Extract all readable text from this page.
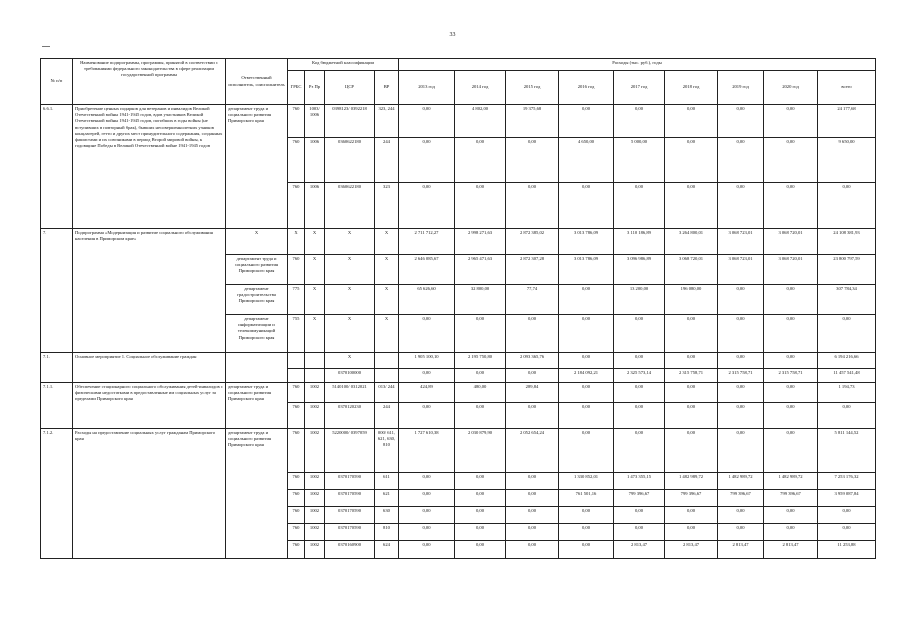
33
№ п/п	Наименование подпрограммы, программы, принятой в соответствии с требованиями федерального законодательства в сфере реализации государственной программы	Ответственный исполнитель, соисполнитель	Код бюджетной классификации				Расходы (тыс. руб.), годы								
			ГРБС	Рз Пр	ЦСР	ВР	2013 год	2014 год	2015 год	2016 год	2017 год	2018 год	2019 год	2020 год	всего
6.6.1.	Приобретение ценных подарков для ветеранов и инвалидов Великой Отечественной войны 1941-1945 годов, вдов участников Великой Отечественной войны 1941-1945 годов, погибших в годы войны (не вступивших в повторный брак), бывших несовершеннолетних узников концлагерей, гетто и других мест принудительного содержания, созданных фашистами и их союзниками в период Второй мировой войны, к годовщине Победы в Великой Отечественной войне 1941-1945 годов	департамент труда и социального развития Приморского края	760	1003/ 1006	0398123/ 0392218	323, 244	0,00	4 802,00	19 375,68	0,00	0,00	0,00	0,00	0,00	24 177,68
			760	1006	0360622180	244	0,00	0,00	0,00	4 650,00	5 000,00	0,00	0,00	0,00	9 650,00
			760	1006	0360622180	323	0,00	0,00	0,00	0,00	0,00	0,00	0,00	0,00	0,00
7.	Подпрограмма «Модернизация и развитие социального обслуживания населения в Приморском крае»	X	X	X	X	X	2 711 712,27	2 998 271,63	2 872 385,02	3 013 786,09	3 110 186,89	3 264 800,01	3 068 723,01	3 068 720,01	24 108 381,93
		департамент труда и социального развития Приморского края	760	X	X	X	2 646 085,67	2 965 471,63	2 872 307,28	3 013 786,09	3 096 986,89	3 068 720,01	3 068 723,01	3 068 720,01	23 800 797,59
		департамент градостроительства Приморского края	775	X	X	X	65 626,60	32 800,00	77,74	0,00	13 200,00	196 080,00	0,00	0,00	307 784,34
		департамент информатизации и телекоммуникаций Приморского края	755	X	X	X	0,00	0,00	0,00	0,00	0,00	0,00	0,00	0,00	0,00
7.1.	Основное мероприятие 1. Социальное обслуживание граждан				X		1 905 100,10	2 195 750,80	2 093 365,76	0,00	0,00	0,00	0,00	0,00	6 194 216,66
					0370100000		0,00	0,00	0,00	2 184 092,21	2 325 573,14	2 315 758,71	2 315 758,71	2 315 758,71	11 457 541,48
7.1.1.	Обеспечение стационарного социального обслуживания детей-инвалидов с физическими недостатками в предоставленные им социальных услуг за пределами Приморского края	департамент труда и социального развития Приморского края	760	1002	5140100/ 0312021	013/ 244	424,89	480,00	289,84	0,00	0,00	0,00	0,00	0,00	1 194,73
			760	1002	0370120230	244	0,00	0,00	0,00	0,00	0,00	0,00	0,00	0,00	0,00
7.1.2.	Расходы на предоставление социальных услуг гражданам Приморского края	департамент труда и социального развития Приморского края	760	1002	5220000/ 0397059	000/ 611, 621, 630, 810	1 727 610,38	2 030 879,90	2 052 654,24	0,00	0,00	0,00	0,00	0,00	5 811 144,52
			760	1002	0370170590	611	0,00	0,00	0,00	1 330 852,01	1 473 355,15	1 482 989,72	1 482 989,72	1 482 989,72	7 253 176,32
			760	1002	0370170590	621	0,00	0,00	0,00	761 501,16	799 396,67	799 396,67	799 396,67	799 396,67	3 959 087,84
			760	1002	0370170590	630	0,00	0,00	0,00	0,00	0,00	0,00	0,00	0,00	0,00
			760	1002	0370170590	810	0,00	0,00	0,00	0,00	0,00	0,00	0,00	0,00	0,00
			760	1002	0370160900	624	0,00	0,00	0,00	0,00	2 813,47	2 813,47	2 813,47	2 813,47	11 253,88
